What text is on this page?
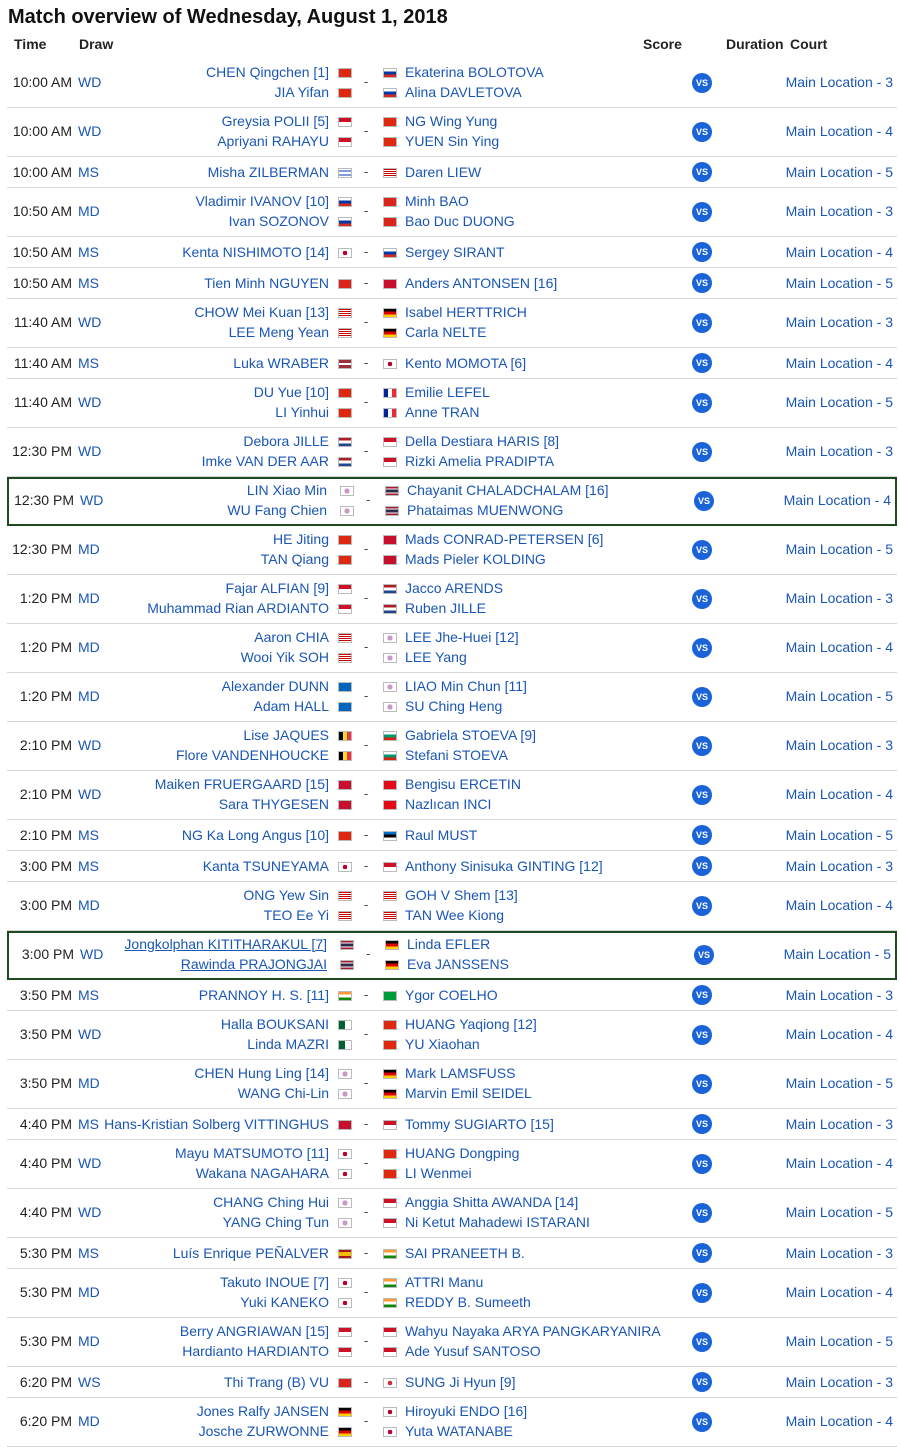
Match overview of Wednesday, August 1, 2018
Time Draw	Score	Duration Court
10:00 AM WD
CHEN Qingchen [1]
JIA Yifan
-
Ekaterina BOLOTOVA
Alina DAVLETOVA
VS	Main Location - 3
10:00 AM WD
Greysia POLII [5]
Apriyani RAHAYU
-
NG Wing Yung
YUEN Sin Ying
VS	Main Location - 4
10:00 AM MS	Misha ZILBERMAN	-	Daren LIEW	VS	Main Location - 5
10:50 AM MD
Vladimir IVANOV [10]
Ivan SOZONOV
-
Minh BAO
Bao Duc DUONG
VS	Main Location - 3
10:50 AM MS	Kenta NISHIMOTO [14]	-	Sergey SIRANT	VS	Main Location - 4
10:50 AM MS	Tien Minh NGUYEN	-	Anders ANTONSEN [16]	VS	Main Location - 5
11:40 AM WD
CHOW Mei Kuan [13]
LEE Meng Yean
-
Isabel HERTTRICH
Carla NELTE
VS	Main Location - 3
11:40 AM MS	Luka WRABER	-	Kento MOMOTA [6]	VS	Main Location - 4
11:40 AM WD
DU Yue [10]
LI Yinhui
-
Emilie LEFEL
Anne TRAN
VS	Main Location - 5
12:30 PM WD
Debora JILLE
Imke VAN DER AAR
-
Della Destiara HARIS [8]
Rizki Amelia PRADIPTA
VS	Main Location - 3
12:30 PM WD
LIN Xiao Min
WU Fang Chien
-
Chayanit CHALADCHALAM [16]
Phataimas MUENWONG
VS	Main Location - 4
12:30 PM MD
HE Jiting
TAN Qiang
-
Mads CONRAD-PETERSEN [6]
Mads Pieler KOLDING
VS	Main Location - 5
1:20 PM MD
Fajar ALFIAN [9]
Muhammad Rian ARDIANTO
-
Jacco ARENDS
Ruben JILLE
VS	Main Location - 3
1:20 PM MD
Aaron CHIA
Wooi Yik SOH
-
LEE Jhe-Huei [12]
LEE Yang
VS	Main Location - 4
1:20 PM MD
Alexander DUNN
Adam HALL
-
LIAO Min Chun [11]
SU Ching Heng
VS	Main Location - 5
2:10 PM WD
Lise JAQUES
Flore VANDENHOUCKE
-
Gabriela STOEVA [9]
Stefani STOEVA
VS	Main Location - 3
2:10 PM WD
Maiken FRUERGAARD [15]
Sara THYGESEN
-
Bengisu ERCETIN
Nazlıcan INCI
VS	Main Location - 4
2:10 PM MS	NG Ka Long Angus [10]	-	Raul MUST	VS	Main Location - 5
3:00 PM MS	Kanta TSUNEYAMA	-	Anthony Sinisuka GINTING [12]	VS	Main Location - 3
3:00 PM MD
ONG Yew Sin
TEO Ee Yi
-
GOH V Shem [13]
TAN Wee Kiong
VS	Main Location - 4
3:00 PM WD
Jongkolphan KITITHARAKUL [7]
Rawinda PRAJONGJAI
-
Linda EFLER
Eva JANSSENS
VS	Main Location - 5
3:50 PM MS	PRANNOY H. S. [11]	-	Ygor COELHO	VS	Main Location - 3
3:50 PM WD
Halla BOUKSANI
Linda MAZRI
-
HUANG Yaqiong [12]
YU Xiaohan
VS	Main Location - 4
3:50 PM MD
CHEN Hung Ling [14]
WANG Chi-Lin
-
Mark LAMSFUSS
Marvin Emil SEIDEL
VS	Main Location - 5
4:40 PM MS Hans-Kristian Solberg VITTINGHUS	-	Tommy SUGIARTO [15]	VS	Main Location - 3
4:40 PM WD
Mayu MATSUMOTO [11]
Wakana NAGAHARA
-
HUANG Dongping
LI Wenmei
VS	Main Location - 4
4:40 PM WD
CHANG Ching Hui
YANG Ching Tun
-
Anggia Shitta AWANDA [14]
Ni Ketut Mahadewi ISTARANI
VS	Main Location - 5
5:30 PM MS	Luís Enrique PEÑALVER	-	SAI PRANEETH B.	VS	Main Location - 3
5:30 PM MD
Takuto INOUE [7]
Yuki KANEKO
-
ATTRI Manu
REDDY B. Sumeeth
VS	Main Location - 4
5:30 PM MD
Berry ANGRIAWAN [15]
Hardianto HARDIANTO
-
Wahyu Nayaka ARYA PANGKARYANIRA
Ade Yusuf SANTOSO
VS	Main Location - 5
6:20 PM WS	Thi Trang (B) VU	-	SUNG Ji Hyun [9]	VS	Main Location - 3
6:20 PM MD
Jones Ralfy JANSEN
Josche ZURWONNE
-
Hiroyuki ENDO [16]
Yuta WATANABE
VS	Main Location - 4
